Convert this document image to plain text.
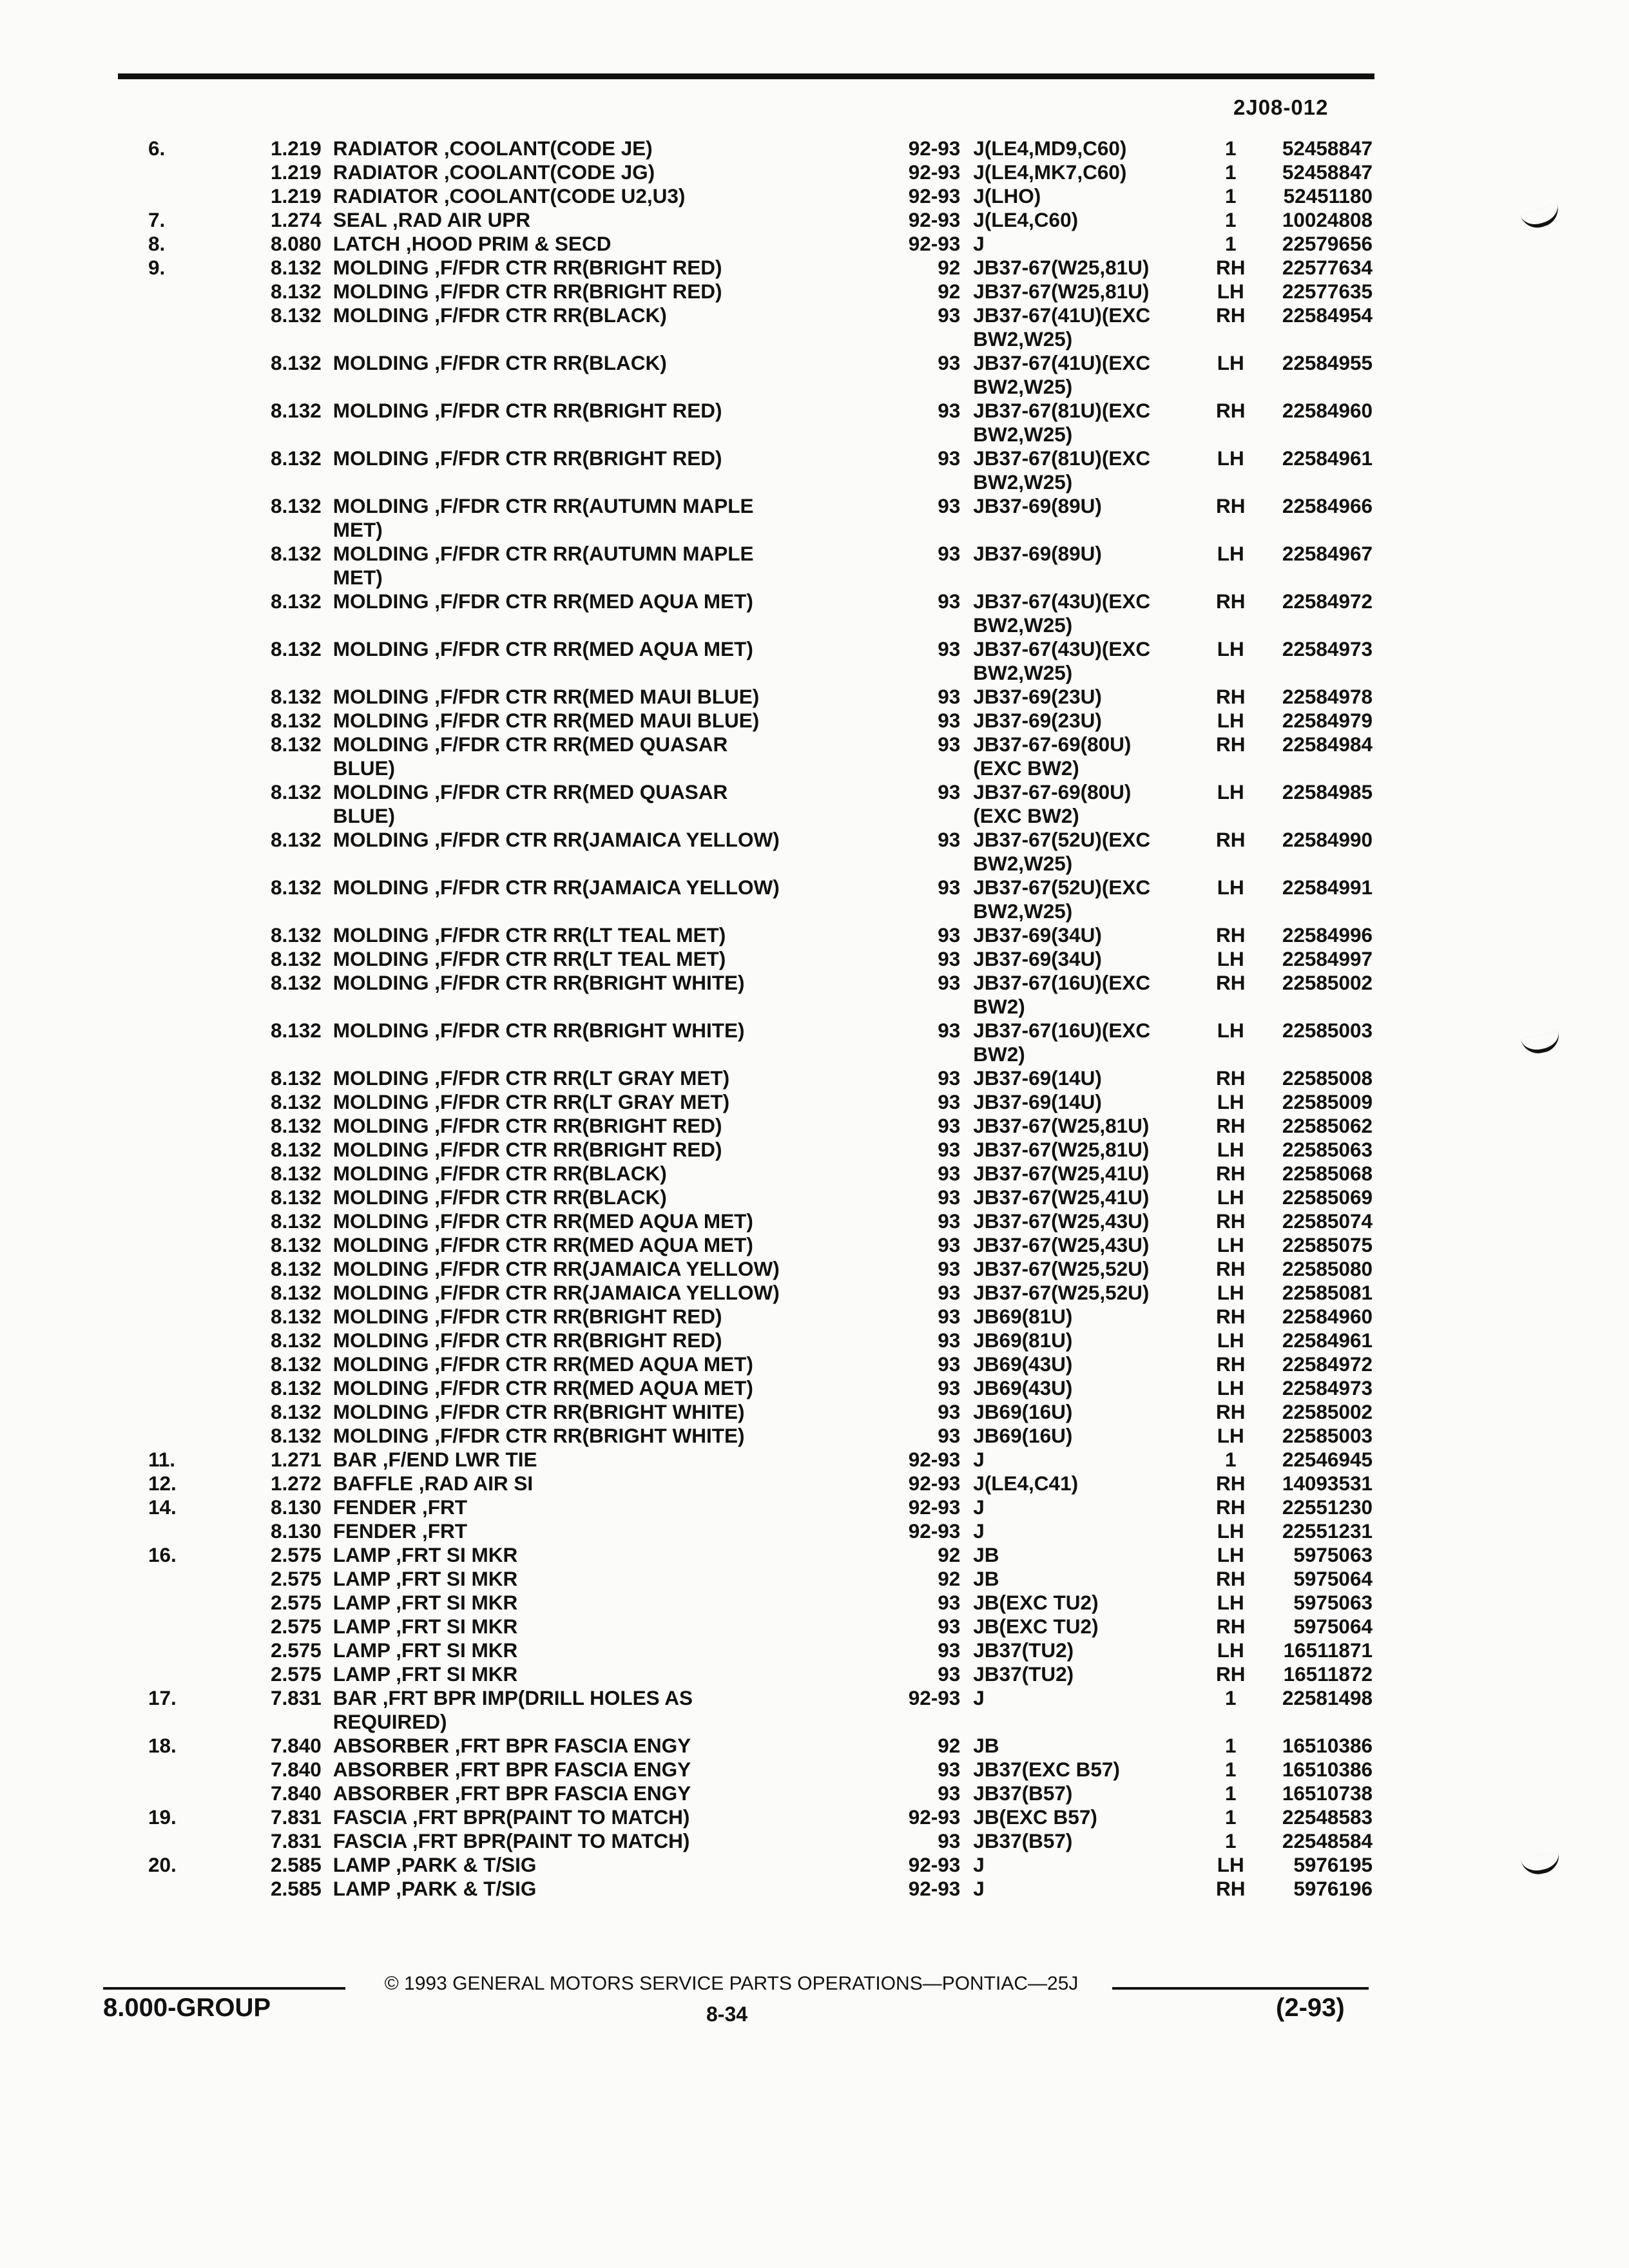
2J08-012
6.	1.219	RADIATOR ,COOLANT(CODE JE)	92-93	J(LE4,MD9,C60)	1	52458847
	1.219	RADIATOR ,COOLANT(CODE JG)	92-93	J(LE4,MK7,C60)	1	52458847
	1.219	RADIATOR ,COOLANT(CODE U2,U3)	92-93	J(LHO)	1	52451180
7.	1.274	SEAL ,RAD AIR UPR	92-93	J(LE4,C60)	1	10024808
8.	8.080	LATCH ,HOOD PRIM & SECD	92-93	J	1	22579656
9.	8.132	MOLDING ,F/FDR CTR RR(BRIGHT RED)	92	JB37-67(W25,81U)	RH	22577634
	8.132	MOLDING ,F/FDR CTR RR(BRIGHT RED)	92	JB37-67(W25,81U)	LH	22577635
	8.132	MOLDING ,F/FDR CTR RR(BLACK)	93	JB37-67(41U)(EXC
BW2,W25)	RH	22584954
	8.132	MOLDING ,F/FDR CTR RR(BLACK)	93	JB37-67(41U)(EXC
BW2,W25)	LH	22584955
	8.132	MOLDING ,F/FDR CTR RR(BRIGHT RED)	93	JB37-67(81U)(EXC
BW2,W25)	RH	22584960
	8.132	MOLDING ,F/FDR CTR RR(BRIGHT RED)	93	JB37-67(81U)(EXC
BW2,W25)	LH	22584961
	8.132	MOLDING ,F/FDR CTR RR(AUTUMN MAPLE
MET)	93	JB37-69(89U)	RH	22584966
	8.132	MOLDING ,F/FDR CTR RR(AUTUMN MAPLE
MET)	93	JB37-69(89U)	LH	22584967
	8.132	MOLDING ,F/FDR CTR RR(MED AQUA MET)	93	JB37-67(43U)(EXC
BW2,W25)	RH	22584972
	8.132	MOLDING ,F/FDR CTR RR(MED AQUA MET)	93	JB37-67(43U)(EXC
BW2,W25)	LH	22584973
	8.132	MOLDING ,F/FDR CTR RR(MED MAUI BLUE)	93	JB37-69(23U)	RH	22584978
	8.132	MOLDING ,F/FDR CTR RR(MED MAUI BLUE)	93	JB37-69(23U)	LH	22584979
	8.132	MOLDING ,F/FDR CTR RR(MED QUASAR BLUE)	93	JB37-67-69(80U)
(EXC BW2)	RH	22584984
	8.132	MOLDING ,F/FDR CTR RR(MED QUASAR BLUE)	93	JB37-67-69(80U)
(EXC BW2)	LH	22584985
	8.132	MOLDING ,F/FDR CTR RR(JAMAICA YELLOW)	93	JB37-67(52U)(EXC
BW2,W25)	RH	22584990
	8.132	MOLDING ,F/FDR CTR RR(JAMAICA YELLOW)	93	JB37-67(52U)(EXC
BW2,W25)	LH	22584991
	8.132	MOLDING ,F/FDR CTR RR(LT TEAL MET)	93	JB37-69(34U)	RH	22584996
	8.132	MOLDING ,F/FDR CTR RR(LT TEAL MET)	93	JB37-69(34U)	LH	22584997
	8.132	MOLDING ,F/FDR CTR RR(BRIGHT WHITE)	93	JB37-67(16U)(EXC
BW2)	RH	22585002
	8.132	MOLDING ,F/FDR CTR RR(BRIGHT WHITE)	93	JB37-67(16U)(EXC
BW2)	LH	22585003
	8.132	MOLDING ,F/FDR CTR RR(LT GRAY MET)	93	JB37-69(14U)	RH	22585008
	8.132	MOLDING ,F/FDR CTR RR(LT GRAY MET)	93	JB37-69(14U)	LH	22585009
	8.132	MOLDING ,F/FDR CTR RR(BRIGHT RED)	93	JB37-67(W25,81U)	RH	22585062
	8.132	MOLDING ,F/FDR CTR RR(BRIGHT RED)	93	JB37-67(W25,81U)	LH	22585063
	8.132	MOLDING ,F/FDR CTR RR(BLACK)	93	JB37-67(W25,41U)	RH	22585068
	8.132	MOLDING ,F/FDR CTR RR(BLACK)	93	JB37-67(W25,41U)	LH	22585069
	8.132	MOLDING ,F/FDR CTR RR(MED AQUA MET)	93	JB37-67(W25,43U)	RH	22585074
	8.132	MOLDING ,F/FDR CTR RR(MED AQUA MET)	93	JB37-67(W25,43U)	LH	22585075
	8.132	MOLDING ,F/FDR CTR RR(JAMAICA YELLOW)	93	JB37-67(W25,52U)	RH	22585080
	8.132	MOLDING ,F/FDR CTR RR(JAMAICA YELLOW)	93	JB37-67(W25,52U)	LH	22585081
	8.132	MOLDING ,F/FDR CTR RR(BRIGHT RED)	93	JB69(81U)	RH	22584960
	8.132	MOLDING ,F/FDR CTR RR(BRIGHT RED)	93	JB69(81U)	LH	22584961
	8.132	MOLDING ,F/FDR CTR RR(MED AQUA MET)	93	JB69(43U)	RH	22584972
	8.132	MOLDING ,F/FDR CTR RR(MED AQUA MET)	93	JB69(43U)	LH	22584973
	8.132	MOLDING ,F/FDR CTR RR(BRIGHT WHITE)	93	JB69(16U)	RH	22585002
	8.132	MOLDING ,F/FDR CTR RR(BRIGHT WHITE)	93	JB69(16U)	LH	22585003
11.	1.271	BAR ,F/END LWR TIE	92-93	J	1	22546945
12.	1.272	BAFFLE ,RAD AIR SI	92-93	J(LE4,C41)	RH	14093531
14.	8.130	FENDER ,FRT	92-93	J	RH	22551230
	8.130	FENDER ,FRT	92-93	J	LH	22551231
16.	2.575	LAMP ,FRT SI MKR	92	JB	LH	5975063
	2.575	LAMP ,FRT SI MKR	92	JB	RH	5975064
	2.575	LAMP ,FRT SI MKR	93	JB(EXC TU2)	LH	5975063
	2.575	LAMP ,FRT SI MKR	93	JB(EXC TU2)	RH	5975064
	2.575	LAMP ,FRT SI MKR	93	JB37(TU2)	LH	16511871
	2.575	LAMP ,FRT SI MKR	93	JB37(TU2)	RH	16511872
17.	7.831	BAR ,FRT BPR IMP(DRILL HOLES AS
REQUIRED)	92-93	J	1	22581498
18.	7.840	ABSORBER ,FRT BPR FASCIA ENGY	92	JB	1	16510386
	7.840	ABSORBER ,FRT BPR FASCIA ENGY	93	JB37(EXC B57)	1	16510386
	7.840	ABSORBER ,FRT BPR FASCIA ENGY	93	JB37(B57)	1	16510738
19.	7.831	FASCIA ,FRT BPR(PAINT TO MATCH)	92-93	JB(EXC B57)	1	22548583
	7.831	FASCIA ,FRT BPR(PAINT TO MATCH)	93	JB37(B57)	1	22548584
20.	2.585	LAMP ,PARK & T/SIG	92-93	J	LH	5976195
	2.585	LAMP ,PARK & T/SIG	92-93	J	RH	5976196
© 1993 GENERAL MOTORS SERVICE PARTS OPERATIONS—PONTIAC—25J
8.000-GROUP	8-34	(2-93)
